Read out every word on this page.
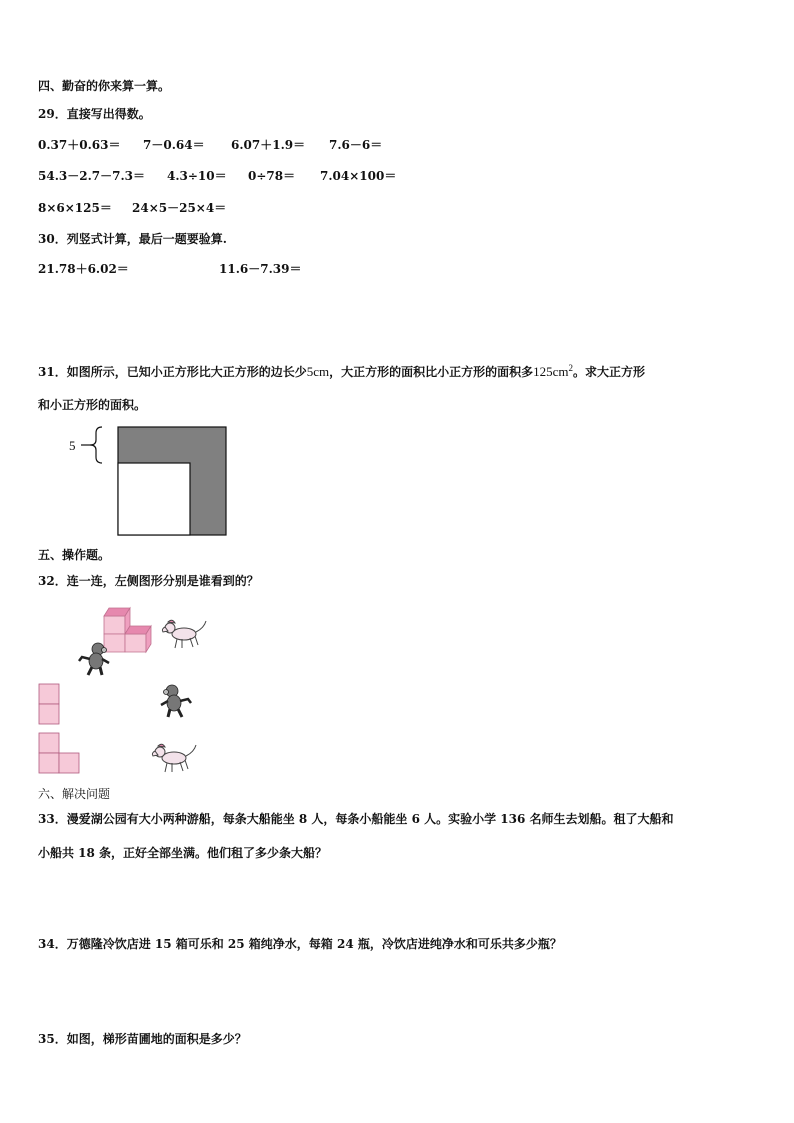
四、勤奋的你来算一算。
29．直接写出得数。
0.37＋0.63＝ 7－0.64＝ 6.07＋1.9＝ 7.6－6＝
54.3－2.7－7.3＝ 4.3÷10＝ 0÷78＝ 7.04×100＝
8×6×125＝ 24×5－25×4＝
30．列竖式计算，最后一题要验算.
21.78＋6.02＝	11.6－7.39＝
31．如图所示，已知小正方形比大正方形的边长少5cm，大正方形的面积比小正方形的面积多$125cm^2$。求大正方形
和小正方形的面积。
5
五、操作题。
32．连一连，左侧图形分别是谁看到的？
六、解决问题
33．漫爱湖公园有大小两种游船，每条大船能坐 8 人，每条小船能坐 6 人。实验小学 136 名师生去划船。租了大船和
小船共 18 条，正好全部坐满。他们租了多少条大船？
34．万德隆冷饮店进 15 箱可乐和 25 箱纯净水，每箱 24 瓶，冷饮店进纯净水和可乐共多少瓶？
35．如图，梯形苗圃地的面积是多少？
